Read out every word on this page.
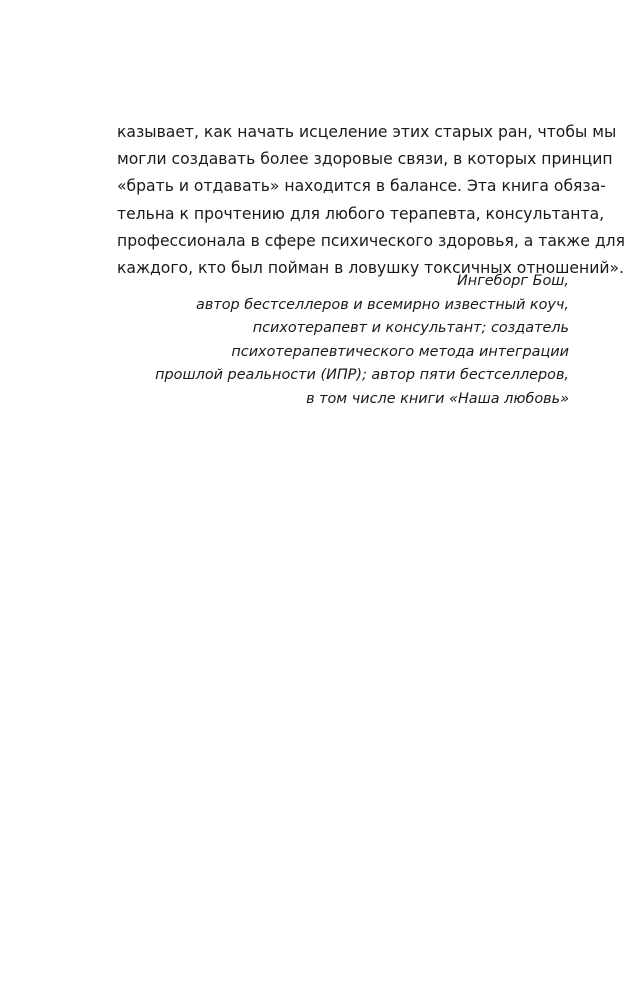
казывает, как начать исцеление этих старых ран, чтобы мы
могли создавать более здоровые связи, в которых принцип
«брать и отдавать» находится в балансе. Эта книга обяза-
тельна к прочтению для любого терапевта, консультанта,
профессионала в сфере психического здоровья, а также для
каждого, кто был пойман в ловушку токсичных отношений».
Ингеборг Бош,
автор бестселлеров и всемирно известный коуч,
психотерапевт и консультант; создатель
психотерапевтического метода интеграции
прошлой реальности (ИПР); автор пяти бестселлеров,
в том числе книги «Наша любовь»
